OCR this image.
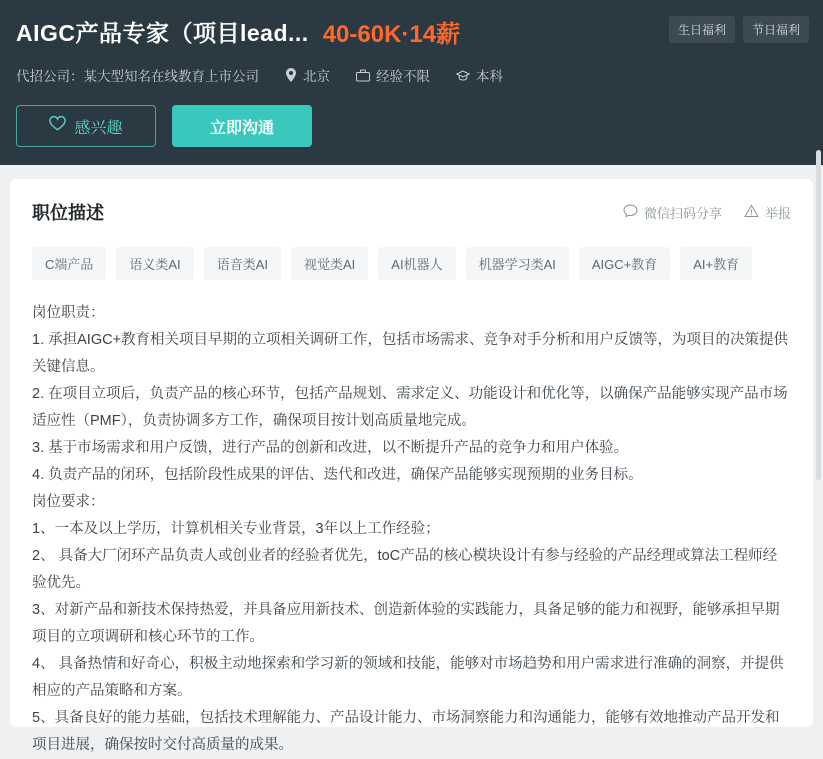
AIGC产品专家（项目lead... 40-60K·14薪	生日福利	节日福利
代招公司：某大型知名在线教育上市公司	北京	经验不限	本科
感兴趣	立即沟通
职位描述	微信扫码分享	举报
C端产品	语义类AI	语音类AI	视觉类AI	AI机器人	机器学习类AI	AIGC+教育	AI+教育

岗位职责：

1. 承担AIGC+教育相关项目早期的立项相关调研工作，包括市场需求、竞争对手分析和用户反馈等，为项目的决策提供关键信息。

2. 在项目立项后，负责产品的核心环节，包括产品规划、需求定义、功能设计和优化等，以确保产品能够实现产品市场适应性（PMF），负责协调多方工作，确保项目按计划高质量地完成。

3. 基于市场需求和用户反馈，进行产品的创新和改进，以不断提升产品的竞争力和用户体验。

4. 负责产品的闭环，包括阶段性成果的评估、迭代和改进，确保产品能够实现预期的业务目标。

岗位要求：

1、一本及以上学历，计算机相关专业背景，3年以上工作经验；

2、 具备大厂闭环产品负责人或创业者的经验者优先，toC产品的核心模块设计有参与经验的产品经理或算法工程师经验优先。

3、对新产品和新技术保持热爱，并具备应用新技术、创造新体验的实践能力，具备足够的能力和视野，能够承担早期项目的立项调研和核心环节的工作。

4、 具备热情和好奇心，积极主动地探索和学习新的领域和技能，能够对市场趋势和用户需求进行准确的洞察，并提供相应的产品策略和方案。

5、具备良好的能力基础，包括技术理解能力、产品设计能力、市场洞察能力和沟通能力，能够有效地推动产品开发和项目进展，确保按时交付高质量的成果。
